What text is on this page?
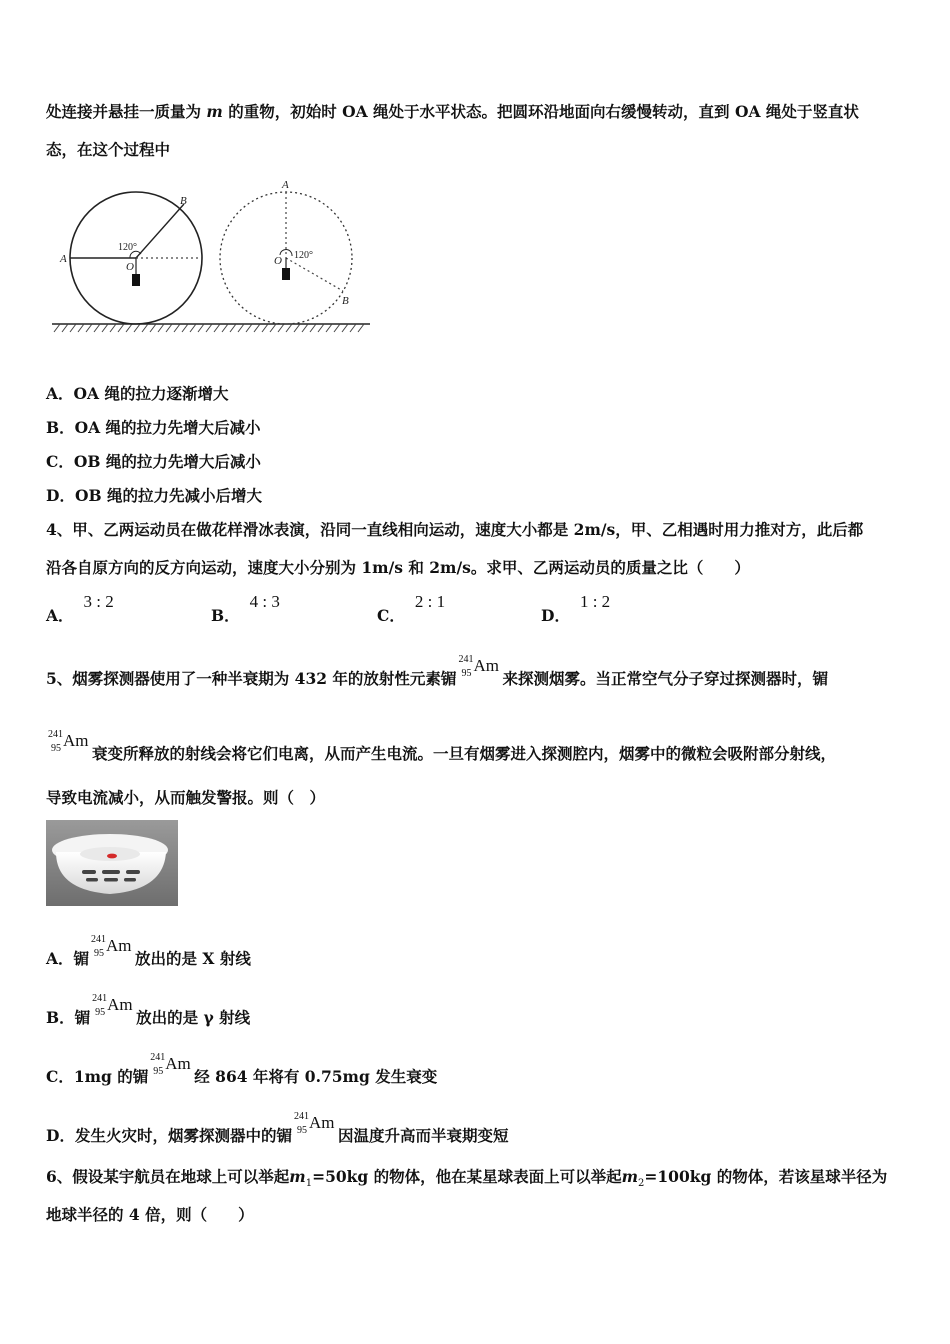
处连接并悬挂一质量为 m 的重物，初始时 OA 绳处于水平状态。把圆环沿地面向右缓慢转动，直到 OA 绳处于竖直状
态，在这个过程中
A
B
O
120°
A
B
O 120°
A．OA 绳的拉力逐渐增大
B．OA 绳的拉力先增大后减小
C．OB 绳的拉力先增大后减小
D．OB 绳的拉力先减小后增大
4、甲、乙两运动员在做花样滑冰表演，沿同一直线相向运动，速度大小都是 2m/s，甲、乙相遇时用力推对方，此后都
沿各自原方向的反方向运动，速度大小分别为 1m/s 和 2m/s。求甲、乙两运动员的质量之比（　　）
A．3 : 2
B．4 : 3
C．2 : 1
D．1 : 2
5、烟雾探测器使用了一种半衰期为 432 年的放射性元素镅
241
95 Am
来探测烟雾。当正常空气分子穿过探测器时，镅
241
95 Am
衰变所释放的射线会将它们电离，从而产生电流。一旦有烟雾进入探测腔内，烟雾中的微粒会吸附部分射线，
导致电流减小，从而触发警报。则（　）
A．镅
241
95 Am
放出的是 X 射线
B．镅
241
95 Am
放出的是 γ 射线
C．1mg 的镅
241
95 Am
经 864 年将有 0.75mg 发生衰变
D．发生火灾时，烟雾探测器中的镅
241
95 Am
因温度升高而半衰期变短
6、假设某宇航员在地球上可以举起$m_1=50kg$ 的物体，他在某星球表面上可以举起$m_2=100kg$ 的物体，若该星球半径为
地球半径的 4 倍，则（　　）
